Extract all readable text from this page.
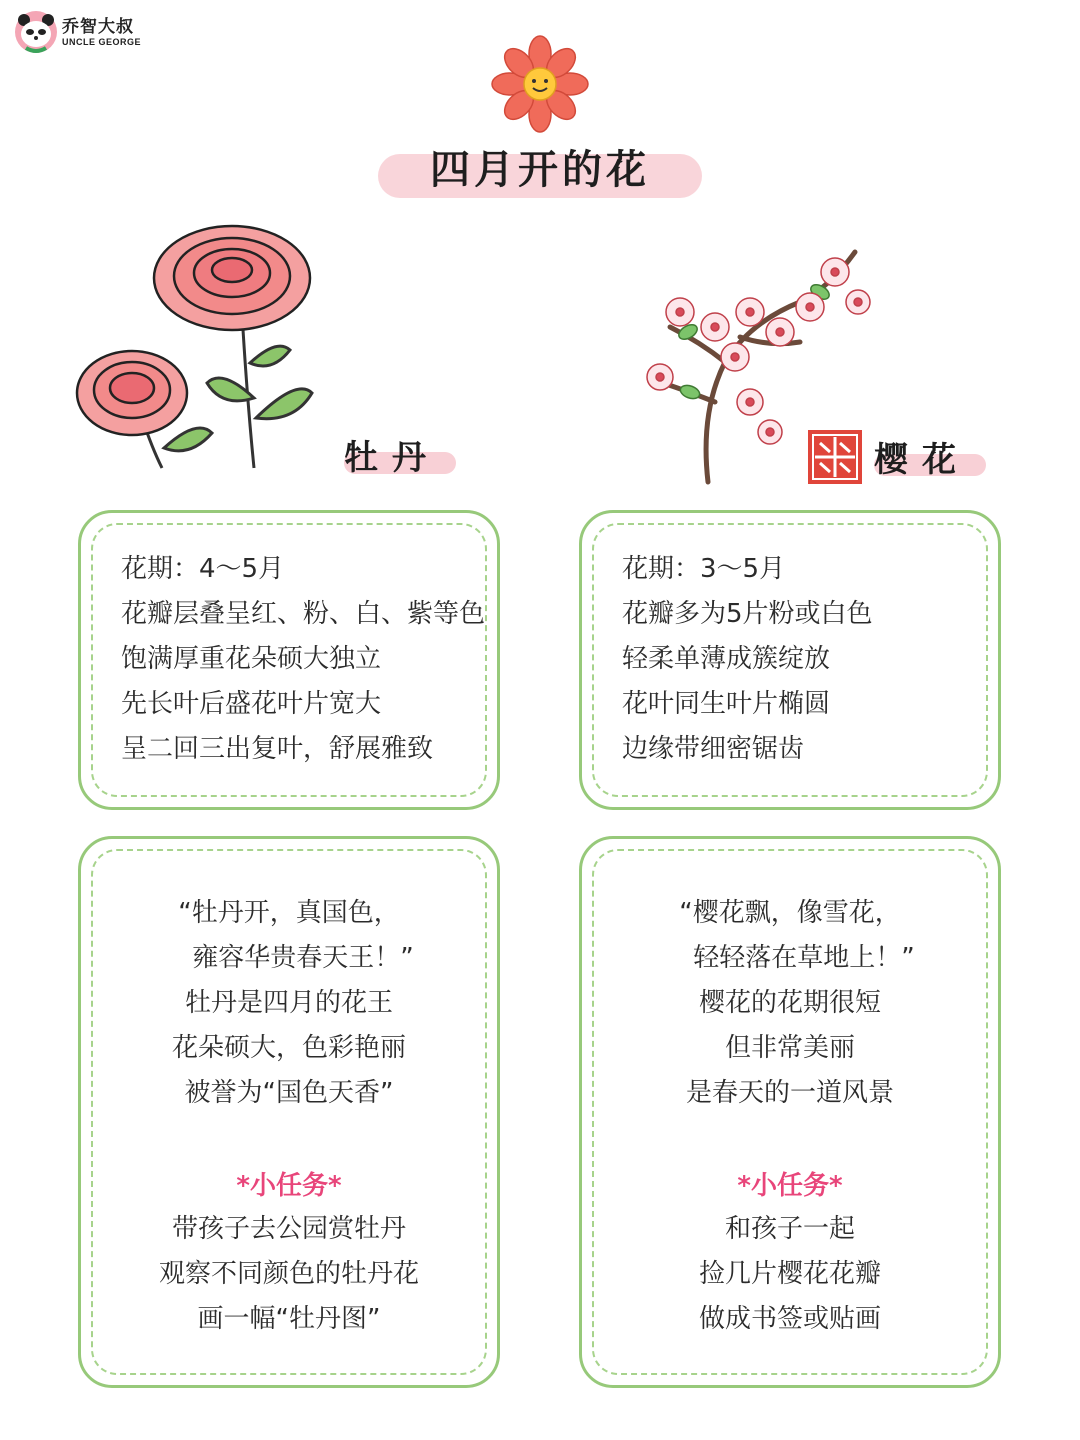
乔智大叔
UNCLE GEORGE
四月开的花
牡丹	樱花
花期：4～5月
花瓣层叠呈红、粉、白、紫等色
饱满厚重花朵硕大独立
先长叶后盛花叶片宽大
呈二回三出复叶，舒展雅致
花期：3～5月
花瓣多为5片粉或白色
轻柔单薄成簇绽放
花叶同生叶片椭圆
边缘带细密锯齿
“牡丹开，真国色，
雍容华贵春天王！”
牡丹是四月的花王
花朵硕大，色彩艳丽
被誉为“国色天香”
*小任务*
带孩子去公园赏牡丹
观察不同颜色的牡丹花
画一幅“牡丹图”
“樱花飘，像雪花，
轻轻落在草地上！”
樱花的花期很短
但非常美丽
是春天的一道风景
*小任务*
和孩子一起
捡几片樱花花瓣
做成书签或贴画
